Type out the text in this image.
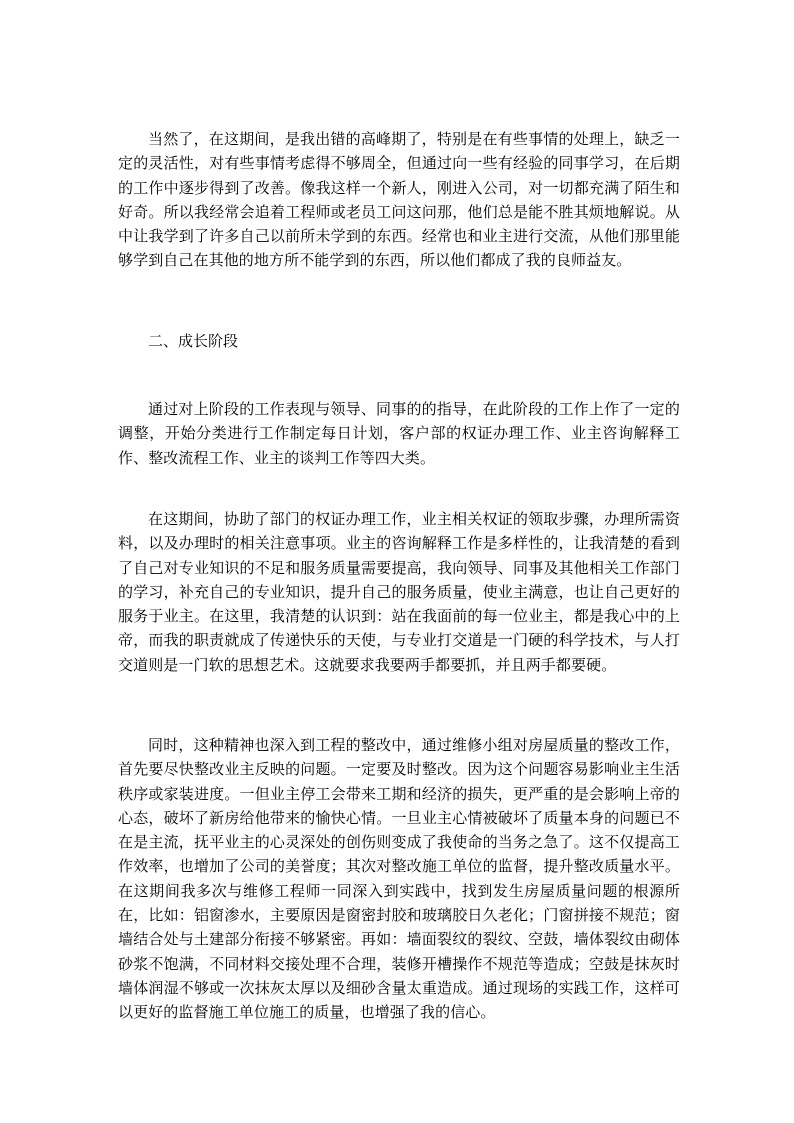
当然了，在这期间，是我出错的高峰期了，特别是在有些事情的处理上，缺乏一定的灵活性，对有些事情考虑得不够周全，但通过向一些有经验的同事学习，在后期的工作中逐步得到了改善。像我这样一个新人，刚进入公司，对一切都充满了陌生和好奇。所以我经常会追着工程师或老员工问这问那，他们总是能不胜其烦地解说。从中让我学到了许多自己以前所未学到的东西。经常也和业主进行交流，从他们那里能够学到自己在其他的地方所不能学到的东西，所以他们都成了我的良师益友。

二、成长阶段

通过对上阶段的工作表现与领导、同事的的指导，在此阶段的工作上作了一定的调整，开始分类进行工作制定每日计划，客户部的权证办理工作、业主咨询解释工作、整改流程工作、业主的谈判工作等四大类。

在这期间，协助了部门的权证办理工作，业主相关权证的领取步骤，办理所需资料，以及办理时的相关注意事项。业主的咨询解释工作是多样性的，让我清楚的看到了自己对专业知识的不足和服务质量需要提高，我向领导、同事及其他相关工作部门的学习，补充自己的专业知识，提升自己的服务质量，使业主满意，也让自己更好的服务于业主。在这里，我清楚的认识到：站在我面前的每一位业主，都是我心中的上帝，而我的职责就成了传递快乐的天使，与专业打交道是一门硬的科学技术，与人打交道则是一门软的思想艺术。这就要求我要两手都要抓，并且两手都要硬。

同时，这种精神也深入到工程的整改中，通过维修小组对房屋质量的整改工作，首先要尽快整改业主反映的问题。一定要及时整改。因为这个问题容易影响业主生活秩序或家装进度。一但业主停工会带来工期和经济的损失，更严重的是会影响上帝的心态，破坏了新房给他带来的愉快心情。一旦业主心情被破坏了质量本身的问题已不在是主流，抚平业主的心灵深处的创伤则变成了我使命的当务之急了。这不仅提高工作效率，也增加了公司的美誉度；其次对整改施工单位的监督，提升整改质量水平。在这期间我多次与维修工程师一同深入到实践中，找到发生房屋质量问题的根源所在，比如：铝窗渗水，主要原因是窗密封胶和玻璃胶日久老化；门窗拼接不规范；窗墙结合处与土建部分衔接不够紧密。再如：墙面裂纹的裂纹、空鼓，墙体裂纹由砌体砂浆不饱满，不同材料交接处理不合理，装修开槽操作不规范等造成；空鼓是抹灰时墙体润湿不够或一次抹灰太厚以及细砂含量太重造成。通过现场的实践工作，这样可以更好的监督施工单位施工的质量，也增强了我的信心。
